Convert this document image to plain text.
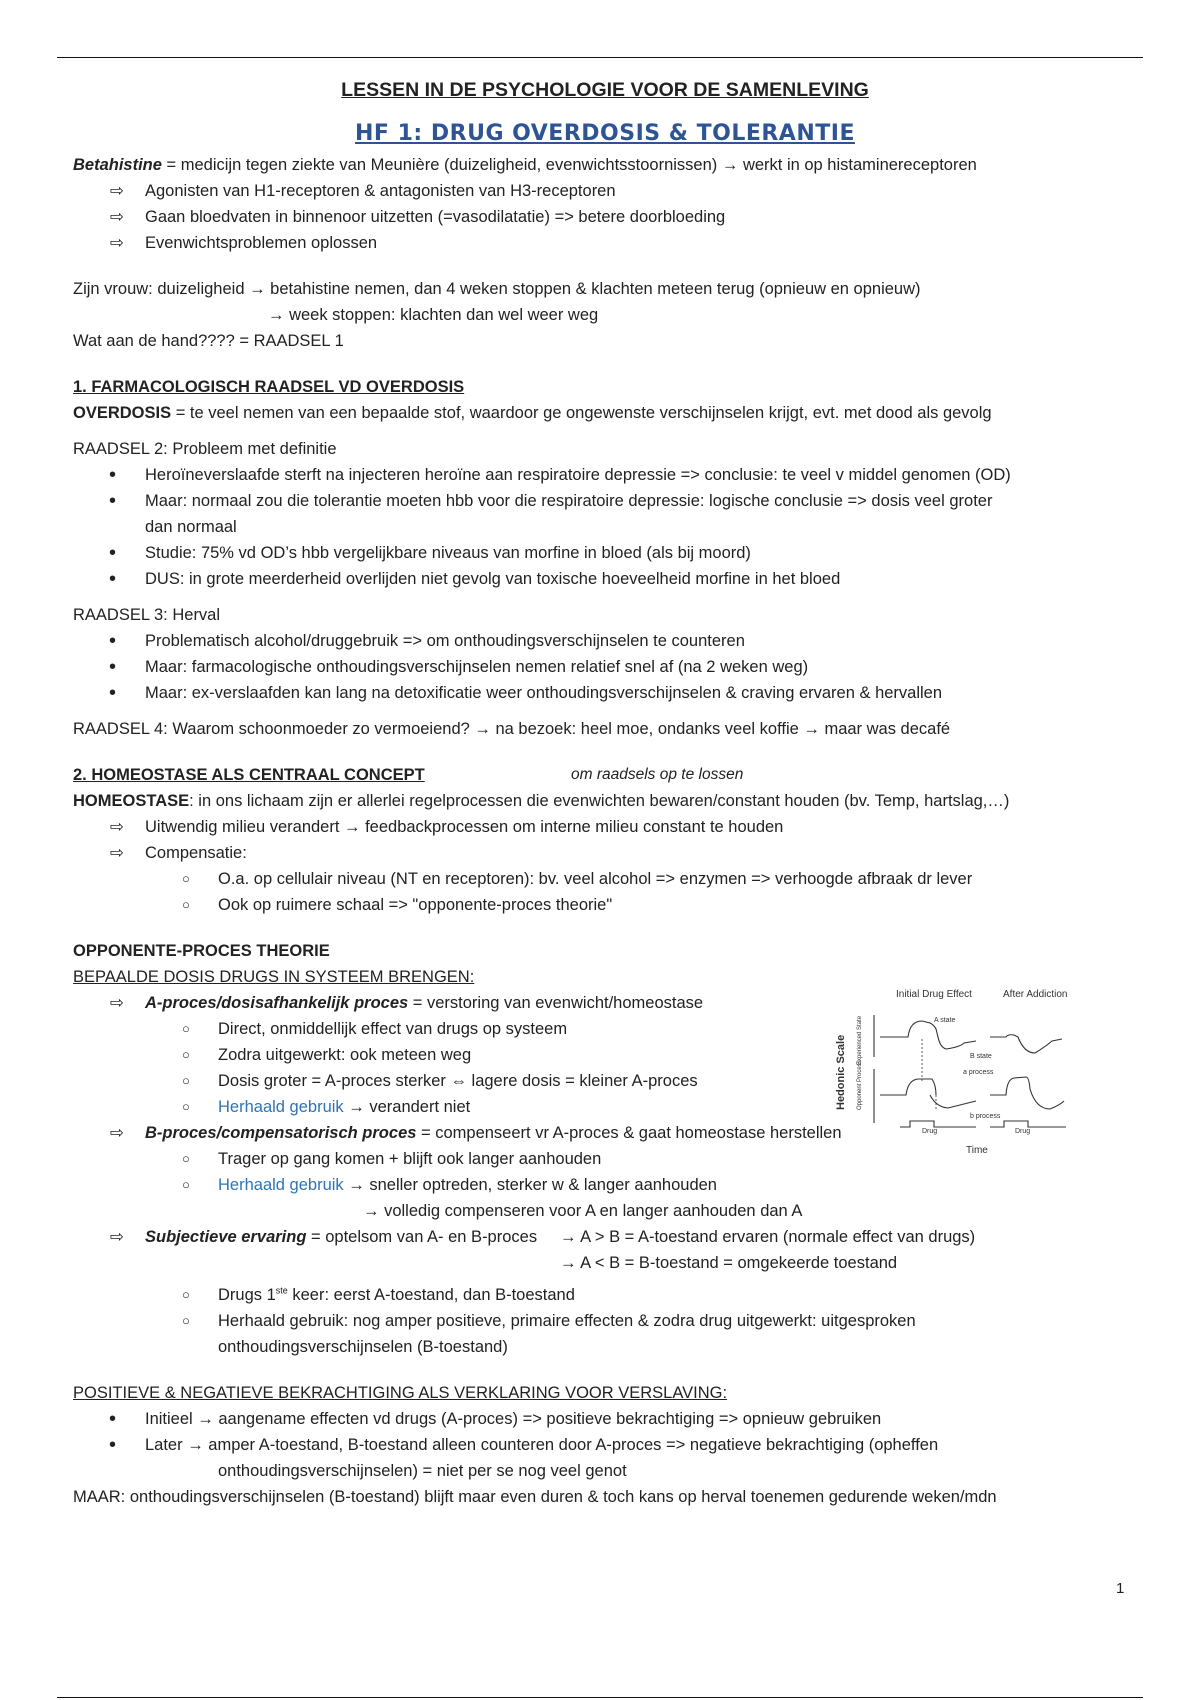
LESSEN IN DE PSYCHOLOGIE VOOR DE SAMENLEVING

HF 1: DRUG OVERDOSIS & TOLERANTIE

Betahistine = medicijn tegen ziekte van Meunière (duizeligheid, evenwichtsstoornissen) → werkt in op histaminereceptoren

⇨ Agonisten van H1-receptoren & antagonisten van H3-receptoren

⇨ Gaan bloedvaten in binnenoor uitzetten (=vasodilatatie) => betere doorbloeding

⇨ Evenwichtsproblemen oplossen

Zijn vrouw: duizeligheid → betahistine nemen, dan 4 weken stoppen & klachten meteen terug (opnieuw en opnieuw)

→ week stoppen: klachten dan wel weer weg

Wat aan de hand???? = RAADSEL 1

1. FARMACOLOGISCH RAADSEL VD OVERDOSIS

OVERDOSIS = te veel nemen van een bepaalde stof, waardoor ge ongewenste verschijnselen krijgt, evt. met dood als gevolg

RAADSEL 2: Probleem met definitie

• Heroïneverslaafde sterft na injecteren heroïne aan respiratoire depressie => conclusie: te veel v middel genomen (OD)

• Maar: normaal zou die tolerantie moeten hbb voor die respiratoire depressie: logische conclusie => dosis veel groter

dan normaal

• Studie: 75% vd OD’s hbb vergelijkbare niveaus van morfine in bloed (als bij moord)

• DUS: in grote meerderheid overlijden niet gevolg van toxische hoeveelheid morfine in het bloed

RAADSEL 3: Herval

• Problematisch alcohol/druggebruik => om onthoudingsverschijnselen te counteren

• Maar: farmacologische onthoudingsverschijnselen nemen relatief snel af (na 2 weken weg)

• Maar: ex-verslaafden kan lang na detoxificatie weer onthoudingsverschijnselen & craving ervaren & hervallen

RAADSEL 4: Waarom schoonmoeder zo vermoeiend? → na bezoek: heel moe, ondanks veel koffie → maar was decafé

2. HOMEOSTASE ALS CENTRAAL CONCEPT	om raadsels op te lossen

HOMEOSTASE: in ons lichaam zijn er allerlei regelprocessen die evenwichten bewaren/constant houden (bv. Temp, hartslag,…)

⇨ Uitwendig milieu verandert → feedbackprocessen om interne milieu constant te houden

⇨ Compensatie:

○ O.a. op cellulair niveau (NT en receptoren): bv. veel alcohol => enzymen => verhoogde afbraak dr lever

○ Ook op ruimere schaal => "opponente-proces theorie"

OPPONENTE-PROCES THEORIE

BEPAALDE DOSIS DRUGS IN SYSTEEM BRENGEN:

⇨ A-proces/dosisafhankelijk proces = verstoring van evenwicht/homeostase

○ Direct, onmiddellijk effect van drugs op systeem

○ Zodra uitgewerkt: ook meteen weg

○ Dosis groter = A-proces sterker ⇔ lagere dosis = kleiner A-proces

○ Herhaald gebruik → verandert niet

⇨ B-proces/compensatorisch proces = compenseert vr A-proces & gaat homeostase herstellen

○ Trager op gang komen + blijft ook langer aanhouden

○ Herhaald gebruik → sneller optreden, sterker w & langer aanhouden

→ volledig compenseren voor A en langer aanhouden dan A

⇨ Subjectieve ervaring = optelsom van A- en B-proces → A > B = A-toestand ervaren (normale effect van drugs)

→ A < B = B-toestand = omgekeerde toestand

○ Drugs 1ste keer: eerst A-toestand, dan B-toestand

○ Herhaald gebruik: nog amper positieve, primaire effecten & zodra drug uitgewerkt: uitgesproken

onthoudingsverschijnselen (B-toestand)

POSITIEVE & NEGATIEVE BEKRACHTIGING ALS VERKLARING VOOR VERSLAVING:

• Initieel → aangename effecten vd drugs (A-proces) => positieve bekrachtiging => opnieuw gebruiken

• Later → amper A-toestand, B-toestand alleen counteren door A-proces => negatieve bekrachtiging (opheffen

onthoudingsverschijnselen) = niet per se nog veel genot

MAAR: onthoudingsverschijnselen (B-toestand) blijft maar even duren & toch kans op herval toenemen gedurende weken/mdn

Initial Drug Effect	After Addiction
Hedonic Scale Experienced State
Opponent Process
A state
B state
a process
b process
Drug	Drug
Time
1
